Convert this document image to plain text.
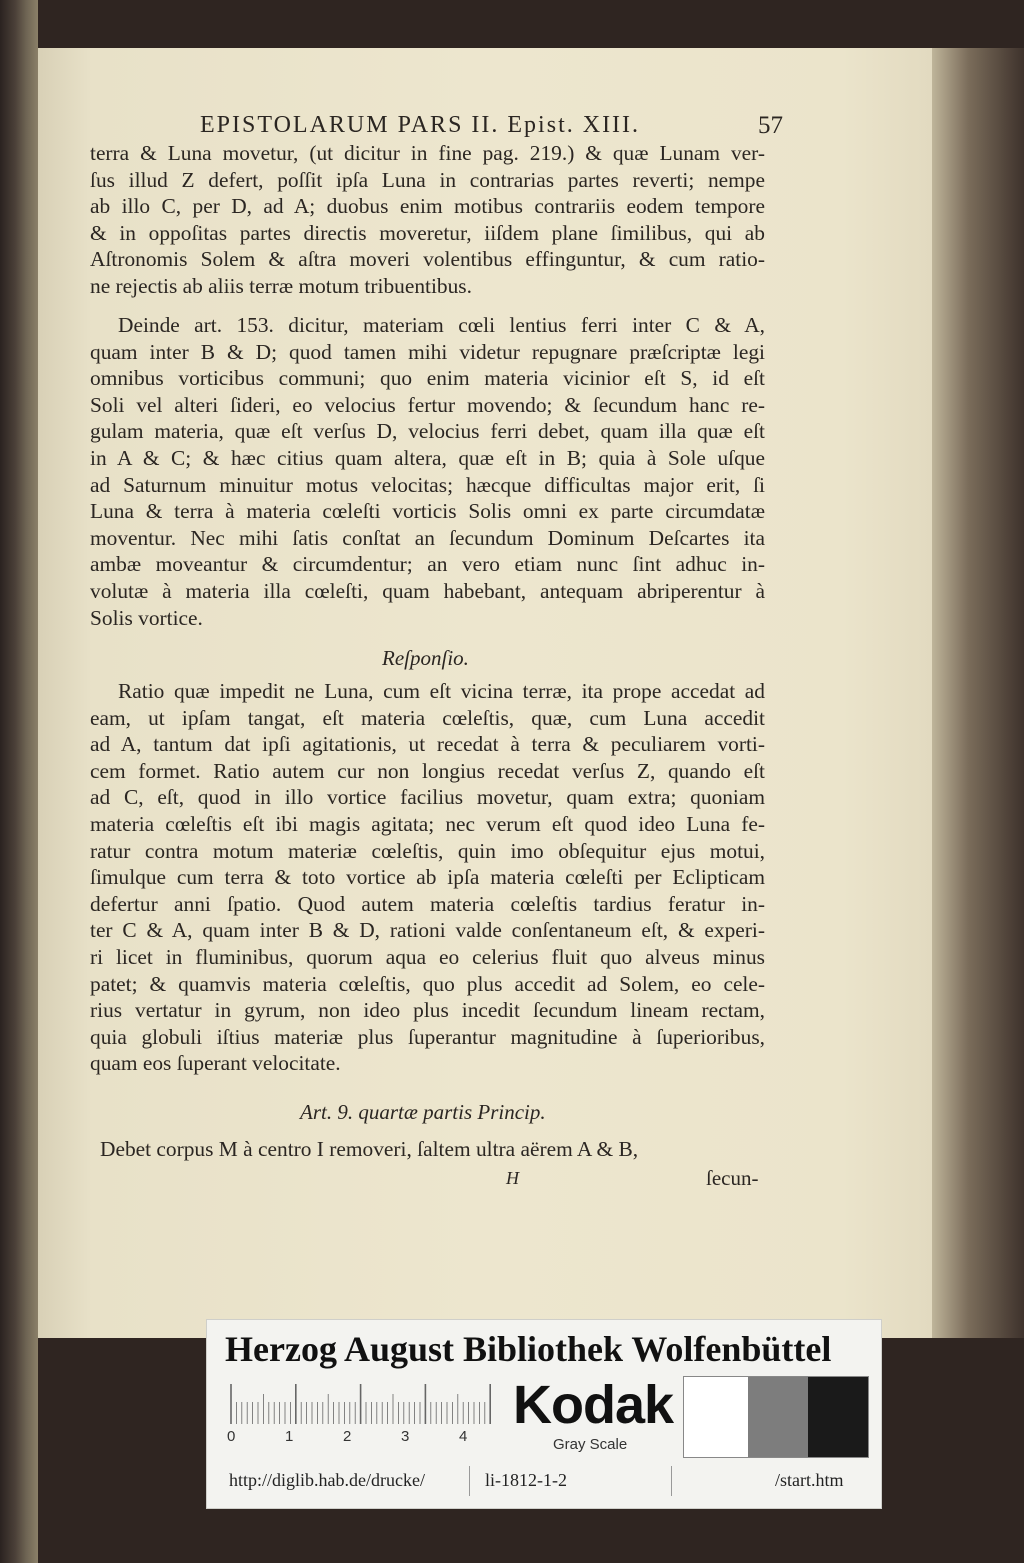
EPISTOLARUM PARS II. Epist. XIII.	57
terra & Luna movetur, (ut dicitur in fine pag. 219.) & quæ Lunam ver-
ſus illud Z defert, poſſit ipſa Luna in contrarias partes reverti; nempe
ab illo C, per D, ad A; duobus enim motibus contrariis eodem tempore
& in oppoſitas partes directis moveretur, iiſdem plane ſimilibus, qui ab
Aſtronomis Solem & aſtra moveri volentibus effinguntur, & cum ratio-
ne rejectis ab aliis terræ motum tribuentibus.
Deinde art. 153. dicitur, materiam cœli lentius ferri inter C & A,
quam inter B & D; quod tamen mihi videtur repugnare præſcriptæ legi
omnibus vorticibus communi; quo enim materia vicinior eſt S, id eſt
Soli vel alteri ſideri, eo velocius fertur movendo; & ſecundum hanc re-
gulam materia, quæ eſt verſus D, velocius ferri debet, quam illa quæ eſt
in A & C; & hæc citius quam altera, quæ eſt in B; quia à Sole uſque
ad Saturnum minuitur motus velocitas; hæcque difficultas major erit, ſi
Luna & terra à materia cœleſti vorticis Solis omni ex parte circumdatæ
moventur. Nec mihi ſatis conſtat an ſecundum Dominum Deſcartes ita
ambæ moveantur & circumdentur; an vero etiam nunc ſint adhuc in-
volutæ à materia illa cœleſti, quam habebant, antequam abriperentur à
Solis vortice.
Reſponſio.
Ratio quæ impedit ne Luna, cum eſt vicina terræ, ita prope accedat ad
eam, ut ipſam tangat, eſt materia cœleſtis, quæ, cum Luna accedit
ad A, tantum dat ipſi agitationis, ut recedat à terra & peculiarem vorti-
cem formet. Ratio autem cur non longius recedat verſus Z, quando eſt
ad C, eſt, quod in illo vortice facilius movetur, quam extra; quoniam
materia cœleſtis eſt ibi magis agitata; nec verum eſt quod ideo Luna fe-
ratur contra motum materiæ cœleſtis, quin imo obſequitur ejus motui,
ſimulque cum terra & toto vortice ab ipſa materia cœleſti per Eclipticam
defertur anni ſpatio. Quod autem materia cœleſtis tardius feratur in-
ter C & A, quam inter B & D, rationi valde conſentaneum eſt, & experi-
ri licet in fluminibus, quorum aqua eo celerius fluit quo alveus minus
patet; & quamvis materia cœleſtis, quo plus accedit ad Solem, eo cele-
rius vertatur in gyrum, non ideo plus incedit ſecundum lineam rectam,
quia globuli iſtius materiæ plus ſuperantur magnitudine à ſuperioribus,
quam eos ſuperant velocitate.
Art. 9. quartæ partis Princip.
Debet corpus M à centro I removeri, ſaltem ultra aërem A & B,
H	ſecun-
Herzog August Bibliothek Wolfenbüttel
0	1	2	3	4
Kodak
Gray Scale
http://diglib.hab.de/drucke/	li-1812-1-2	/start.htm
